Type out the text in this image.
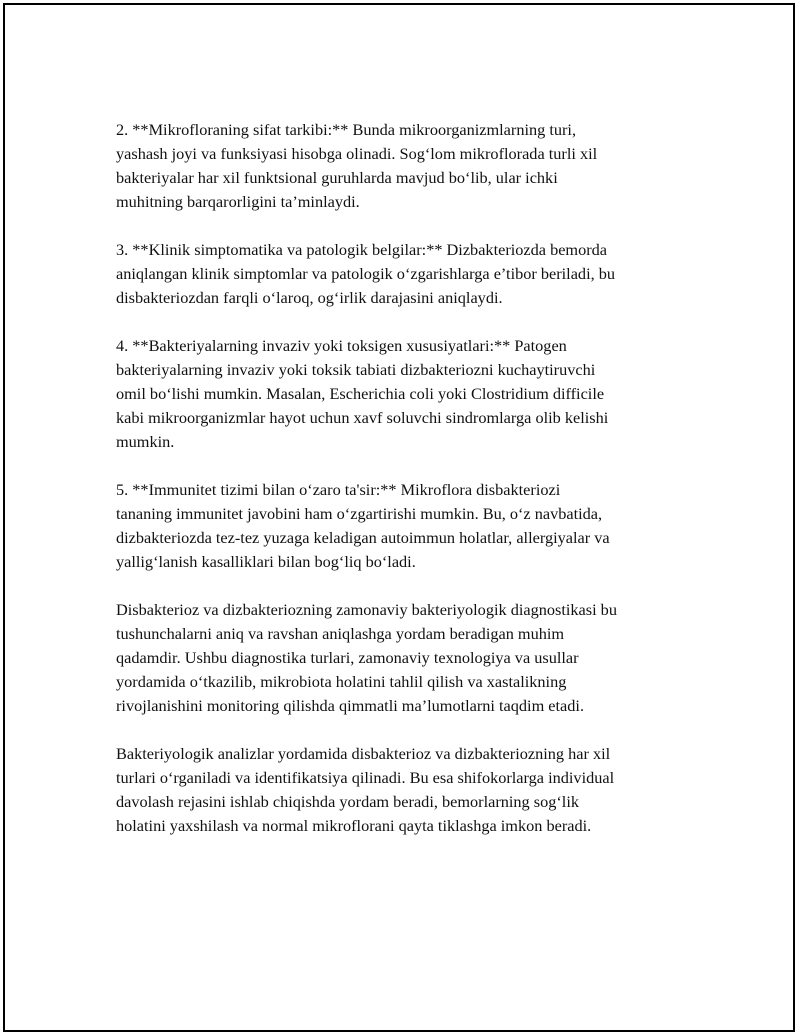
2. **Mikrofloraning sifat tarkibi:** Bunda mikroorganizmlarning turi,
yashash joyi va funksiyasi hisobga olinadi. Sog‘lom mikroflorada turli xil
bakteriyalar har xil funktsional guruhlarda mavjud bo‘lib, ular ichki
muhitning barqarorligini ta’minlaydi.

3. **Klinik simptomatika va patologik belgilar:** Dizbakteriozda bemorda
aniqlangan klinik simptomlar va patologik o‘zgarishlarga e’tibor beriladi, bu
disbakteriozdan farqli o‘laroq, og‘irlik darajasini aniqlaydi.

4. **Bakteriyalarning invaziv yoki toksigen xususiyatlari:** Patogen
bakteriyalarning invaziv yoki toksik tabiati dizbakteriozni kuchaytiruvchi
omil bo‘lishi mumkin. Masalan, Escherichia coli yoki Clostridium difficile
kabi mikroorganizmlar hayot uchun xavf soluvchi sindromlarga olib kelishi
mumkin.

5. **Immunitet tizimi bilan o‘zaro ta'sir:** Mikroflora disbakteriozi
tananing immunitet javobini ham o‘zgartirishi mumkin. Bu, o‘z navbatida,
dizbakteriozda tez-tez yuzaga keladigan autoimmun holatlar, allergiyalar va
yallig‘lanish kasalliklari bilan bog‘liq bo‘ladi.

Disbakterioz va dizbakteriozning zamonaviy bakteriyologik diagnostikasi bu
tushunchalarni aniq va ravshan aniqlashga yordam beradigan muhim
qadamdir. Ushbu diagnostika turlari, zamonaviy texnologiya va usullar
yordamida o‘tkazilib, mikrobiota holatini tahlil qilish va xastalikning
rivojlanishini monitoring qilishda qimmatli ma’lumotlarni taqdim etadi.

Bakteriyologik analizlar yordamida disbakterioz va dizbakteriozning har xil
turlari o‘rganiladi va identifikatsiya qilinadi. Bu esa shifokorlarga individual
davolash rejasini ishlab chiqishda yordam beradi, bemorlarning sog‘lik
holatini yaxshilash va normal mikroflorani qayta tiklashga imkon beradi.
